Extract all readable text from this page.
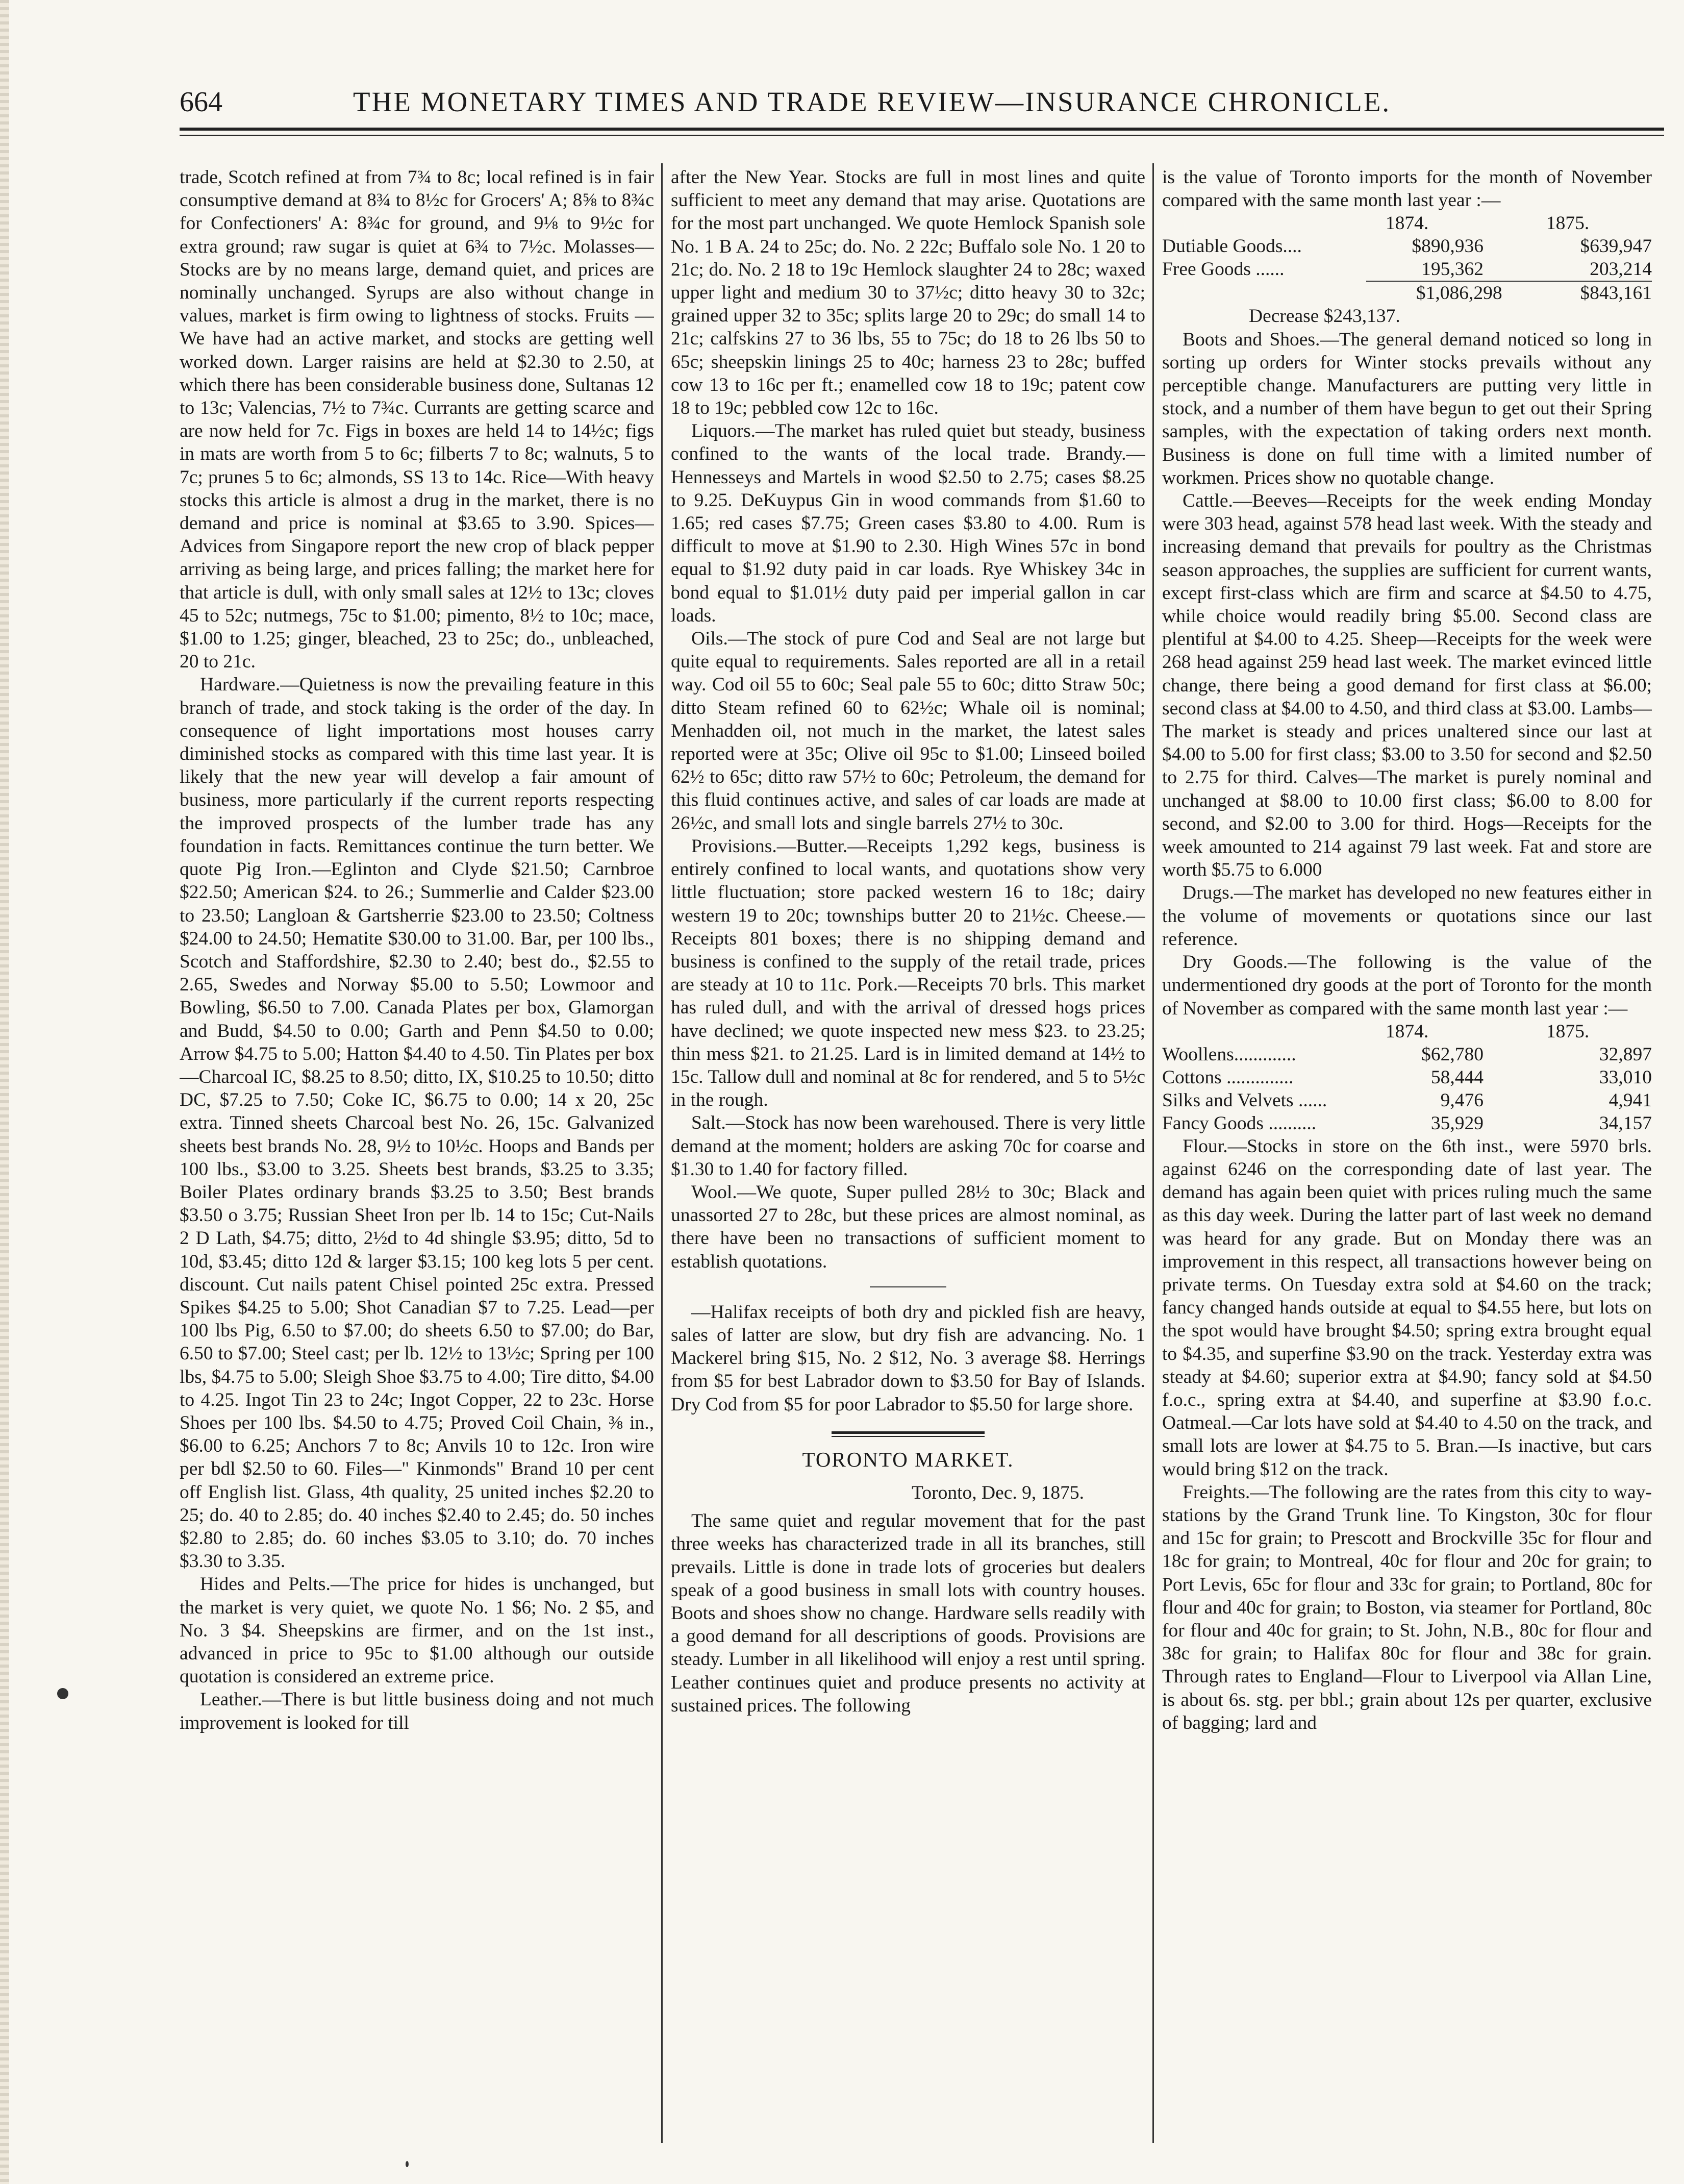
664	THE MONETARY TIMES AND TRADE REVIEW—INSURANCE CHRONICLE.

trade, Scotch refined at from 7¾ to 8c; local refined is in fair consumptive demand at 8¾ to 8½c for Grocers' A; 8⅝ to 8¾c for Confectioners' A: 8¾c for ground, and 9⅛ to 9½c for extra ground; raw sugar is quiet at 6¾ to 7½c. Molasses—Stocks are by no means large, demand quiet, and prices are nominally unchanged. Syrups are also without change in values, market is firm owing to lightness of stocks. Fruits —We have had an active market, and stocks are getting well worked down. Larger raisins are held at $2.30 to 2.50, at which there has been considerable business done, Sultanas 12 to 13c; Valencias, 7½ to 7¾c. Currants are getting scarce and are now held for 7c. Figs in boxes are held 14 to 14½c; figs in mats are worth from 5 to 6c; filberts 7 to 8c; walnuts, 5 to 7c; prunes 5 to 6c; almonds, SS 13 to 14c. Rice—With heavy stocks this article is almost a drug in the market, there is no demand and price is nominal at $3.65 to 3.90. Spices—Advices from Singapore report the new crop of black pepper arriving as being large, and prices falling; the market here for that article is dull, with only small sales at 12½ to 13c; cloves 45 to 52c; nutmegs, 75c to $1.00; pimento, 8½ to 10c; mace, $1.00 to 1.25; ginger, bleached, 23 to 25c; do., unbleached, 20 to 21c.

Hardware.—Quietness is now the prevailing feature in this branch of trade, and stock taking is the order of the day. In consequence of light importations most houses carry diminished stocks as compared with this time last year. It is likely that the new year will develop a fair amount of business, more particularly if the current reports respecting the improved prospects of the lumber trade has any foundation in facts. Remittances continue the turn better. We quote Pig Iron.—Eglinton and Clyde $21.50; Carnbroe $22.50; American $24. to 26.; Summerlie and Calder $23.00 to 23.50; Langloan & Gartsherrie $23.00 to 23.50; Coltness $24.00 to 24.50; Hematite $30.00 to 31.00. Bar, per 100 lbs., Scotch and Staffordshire, $2.30 to 2.40; best do., $2.55 to 2.65, Swedes and Norway $5.00 to 5.50; Lowmoor and Bowling, $6.50 to 7.00. Canada Plates per box, Glamorgan and Budd, $4.50 to 0.00; Garth and Penn $4.50 to 0.00; Arrow $4.75 to 5.00; Hatton $4.40 to 4.50. Tin Plates per box—Charcoal IC, $8.25 to 8.50; ditto, IX, $10.25 to 10.50; ditto DC, $7.25 to 7.50; Coke IC, $6.75 to 0.00; 14 x 20, 25c extra. Tinned sheets Charcoal best No. 26, 15c. Galvanized sheets best brands No. 28, 9½ to 10½c. Hoops and Bands per 100 lbs., $3.00 to 3.25. Sheets best brands, $3.25 to 3.35; Boiler Plates ordinary brands $3.25 to 3.50; Best brands $3.50 o 3.75; Russian Sheet Iron per lb. 14 to 15c; Cut-Nails 2 D Lath, $4.75; ditto, 2½d to 4d shingle $3.95; ditto, 5d to 10d, $3.45; ditto 12d & larger $3.15; 100 keg lots 5 per cent. discount. Cut nails patent Chisel pointed 25c extra. Pressed Spikes $4.25 to 5.00; Shot Canadian $7 to 7.25. Lead—per 100 lbs Pig, 6.50 to $7.00; do sheets 6.50 to $7.00; do Bar, 6.50 to $7.00; Steel cast; per lb. 12½ to 13½c; Spring per 100 lbs, $4.75 to 5.00; Sleigh Shoe $3.75 to 4.00; Tire ditto, $4.00 to 4.25. Ingot Tin 23 to 24c; Ingot Copper, 22 to 23c. Horse Shoes per 100 lbs. $4.50 to 4.75; Proved Coil Chain, ⅜ in., $6.00 to 6.25; Anchors 7 to 8c; Anvils 10 to 12c. Iron wire per bdl $2.50 to 60. Files—" Kinmonds" Brand 10 per cent off English list. Glass, 4th quality, 25 united inches $2.20 to 25; do. 40 to 2.85; do. 40 inches $2.40 to 2.45; do. 50 inches $2.80 to 2.85; do. 60 inches $3.05 to 3.10; do. 70 inches $3.30 to 3.35.

Hides and Pelts.—The price for hides is unchanged, but the market is very quiet, we quote No. 1 $6; No. 2 $5, and No. 3 $4. Sheepskins are firmer, and on the 1st inst., advanced in price to 95c to $1.00 although our outside quotation is considered an extreme price.

Leather.—There is but little business doing and not much improvement is looked for till

after the New Year. Stocks are full in most lines and quite sufficient to meet any demand that may arise. Quotations are for the most part unchanged. We quote Hemlock Spanish sole No. 1 B A. 24 to 25c; do. No. 2 22c; Buffalo sole No. 1 20 to 21c; do. No. 2 18 to 19c Hemlock slaughter 24 to 28c; waxed upper light and medium 30 to 37½c; ditto heavy 30 to 32c; grained upper 32 to 35c; splits large 20 to 29c; do small 14 to 21c; calfskins 27 to 36 lbs, 55 to 75c; do 18 to 26 lbs 50 to 65c; sheepskin linings 25 to 40c; harness 23 to 28c; buffed cow 13 to 16c per ft.; enamelled cow 18 to 19c; patent cow 18 to 19c; pebbled cow 12c to 16c.

Liquors.—The market has ruled quiet but steady, business confined to the wants of the local trade. Brandy.—Hennesseys and Martels in wood $2.50 to 2.75; cases $8.25 to 9.25. DeKuypus Gin in wood commands from $1.60 to 1.65; red cases $7.75; Green cases $3.80 to 4.00. Rum is difficult to move at $1.90 to 2.30. High Wines 57c in bond equal to $1.92 duty paid in car loads. Rye Whiskey 34c in bond equal to $1.01½ duty paid per imperial gallon in car loads.

Oils.—The stock of pure Cod and Seal are not large but quite equal to requirements. Sales reported are all in a retail way. Cod oil 55 to 60c; Seal pale 55 to 60c; ditto Straw 50c; ditto Steam refined 60 to 62½c; Whale oil is nominal; Menhadden oil, not much in the market, the latest sales reported were at 35c; Olive oil 95c to $1.00; Linseed boiled 62½ to 65c; ditto raw 57½ to 60c; Petroleum, the demand for this fluid continues active, and sales of car loads are made at 26½c, and small lots and single barrels 27½ to 30c.

Provisions.—Butter.—Receipts 1,292 kegs, business is entirely confined to local wants, and quotations show very little fluctuation; store packed western 16 to 18c; dairy western 19 to 20c; townships butter 20 to 21½c. Cheese.—Receipts 801 boxes; there is no shipping demand and business is confined to the supply of the retail trade, prices are steady at 10 to 11c. Pork.—Receipts 70 brls. This market has ruled dull, and with the arrival of dressed hogs prices have declined; we quote inspected new mess $23. to 23.25; thin mess $21. to 21.25. Lard is in limited demand at 14½ to 15c. Tallow dull and nominal at 8c for rendered, and 5 to 5½c in the rough.

Salt.—Stock has now been warehoused. There is very little demand at the moment; holders are asking 70c for coarse and $1.30 to 1.40 for factory filled.

Wool.—We quote, Super pulled 28½ to 30c; Black and unassorted 27 to 28c, but these prices are almost nominal, as there have been no transactions of sufficient moment to establish quotations.

—Halifax receipts of both dry and pickled fish are heavy, sales of latter are slow, but dry fish are advancing. No. 1 Mackerel bring $15, No. 2 $12, No. 3 average $8. Herrings from $5 for best Labrador down to $3.50 for Bay of Islands. Dry Cod from $5 for poor Labrador to $5.50 for large shore.

TORONTO MARKET.
Toronto, Dec. 9, 1875.

The same quiet and regular movement that for the past three weeks has characterized trade in all its branches, still prevails. Little is done in trade lots of groceries but dealers speak of a good business in small lots with country houses. Boots and shoes show no change. Hardware sells readily with a good demand for all descriptions of goods. Provisions are steady. Lumber in all likelihood will enjoy a rest until spring. Leather continues quiet and produce presents no activity at sustained prices. The following

is the value of Toronto imports for the month of November compared with the same month last year :—

1874.	1875.
Dutiable Goods....	$890,936	$639,947
Free Goods ......	195,362	203,214
$1,086,298	$843,161

Decrease $243,137.

Boots and Shoes.—The general demand noticed so long in sorting up orders for Winter stocks prevails without any perceptible change. Manufacturers are putting very little in stock, and a number of them have begun to get out their Spring samples, with the expectation of taking orders next month. Business is done on full time with a limited number of workmen. Prices show no quotable change.

Cattle.—Beeves—Receipts for the week ending Monday were 303 head, against 578 head last week. With the steady and increasing demand that prevails for poultry as the Christmas season approaches, the supplies are sufficient for current wants, except first-class which are firm and scarce at $4.50 to 4.75, while choice would readily bring $5.00. Second class are plentiful at $4.00 to 4.25. Sheep—Receipts for the week were 268 head against 259 head last week. The market evinced little change, there being a good demand for first class at $6.00; second class at $4.00 to 4.50, and third class at $3.00. Lambs—The market is steady and prices unaltered since our last at $4.00 to 5.00 for first class; $3.00 to 3.50 for second and $2.50 to 2.75 for third. Calves—The market is purely nominal and unchanged at $8.00 to 10.00 first class; $6.00 to 8.00 for second, and $2.00 to 3.00 for third. Hogs—Receipts for the week amounted to 214 against 79 last week. Fat and store are worth $5.75 to 6.000

Drugs.—The market has developed no new features either in the volume of movements or quotations since our last reference.

Dry Goods.—The following is the value of the undermentioned dry goods at the port of Toronto for the month of November as compared with the same month last year :—

1874.	1875.
Woollens.............	$62,780	32,897
Cottons ..............	58,444	33,010
Silks and Velvets ......	9,476	4,941
Fancy Goods ..........	35,929	34,157

Flour.—Stocks in store on the 6th inst., were 5970 brls. against 6246 on the corresponding date of last year. The demand has again been quiet with prices ruling much the same as this day week. During the latter part of last week no demand was heard for any grade. But on Monday there was an improvement in this respect, all transactions however being on private terms. On Tuesday extra sold at $4.60 on the track; fancy changed hands outside at equal to $4.55 here, but lots on the spot would have brought $4.50; spring extra brought equal to $4.35, and superfine $3.90 on the track. Yesterday extra was steady at $4.60; superior extra at $4.90; fancy sold at $4.50 f.o.c., spring extra at $4.40, and superfine at $3.90 f.o.c. Oatmeal.—Car lots have sold at $4.40 to 4.50 on the track, and small lots are lower at $4.75 to 5. Bran.—Is inactive, but cars would bring $12 on the track.

Freights.—The following are the rates from this city to way-stations by the Grand Trunk line. To Kingston, 30c for flour and 15c for grain; to Prescott and Brockville 35c for flour and 18c for grain; to Montreal, 40c for flour and 20c for grain; to Port Levis, 65c for flour and 33c for grain; to Portland, 80c for flour and 40c for grain; to Boston, via steamer for Portland, 80c for flour and 40c for grain; to St. John, N.B., 80c for flour and 38c for grain; to Halifax 80c for flour and 38c for grain. Through rates to England—Flour to Liverpool via Allan Line, is about 6s. stg. per bbl.; grain about 12s per quarter, exclusive of bagging; lard and
